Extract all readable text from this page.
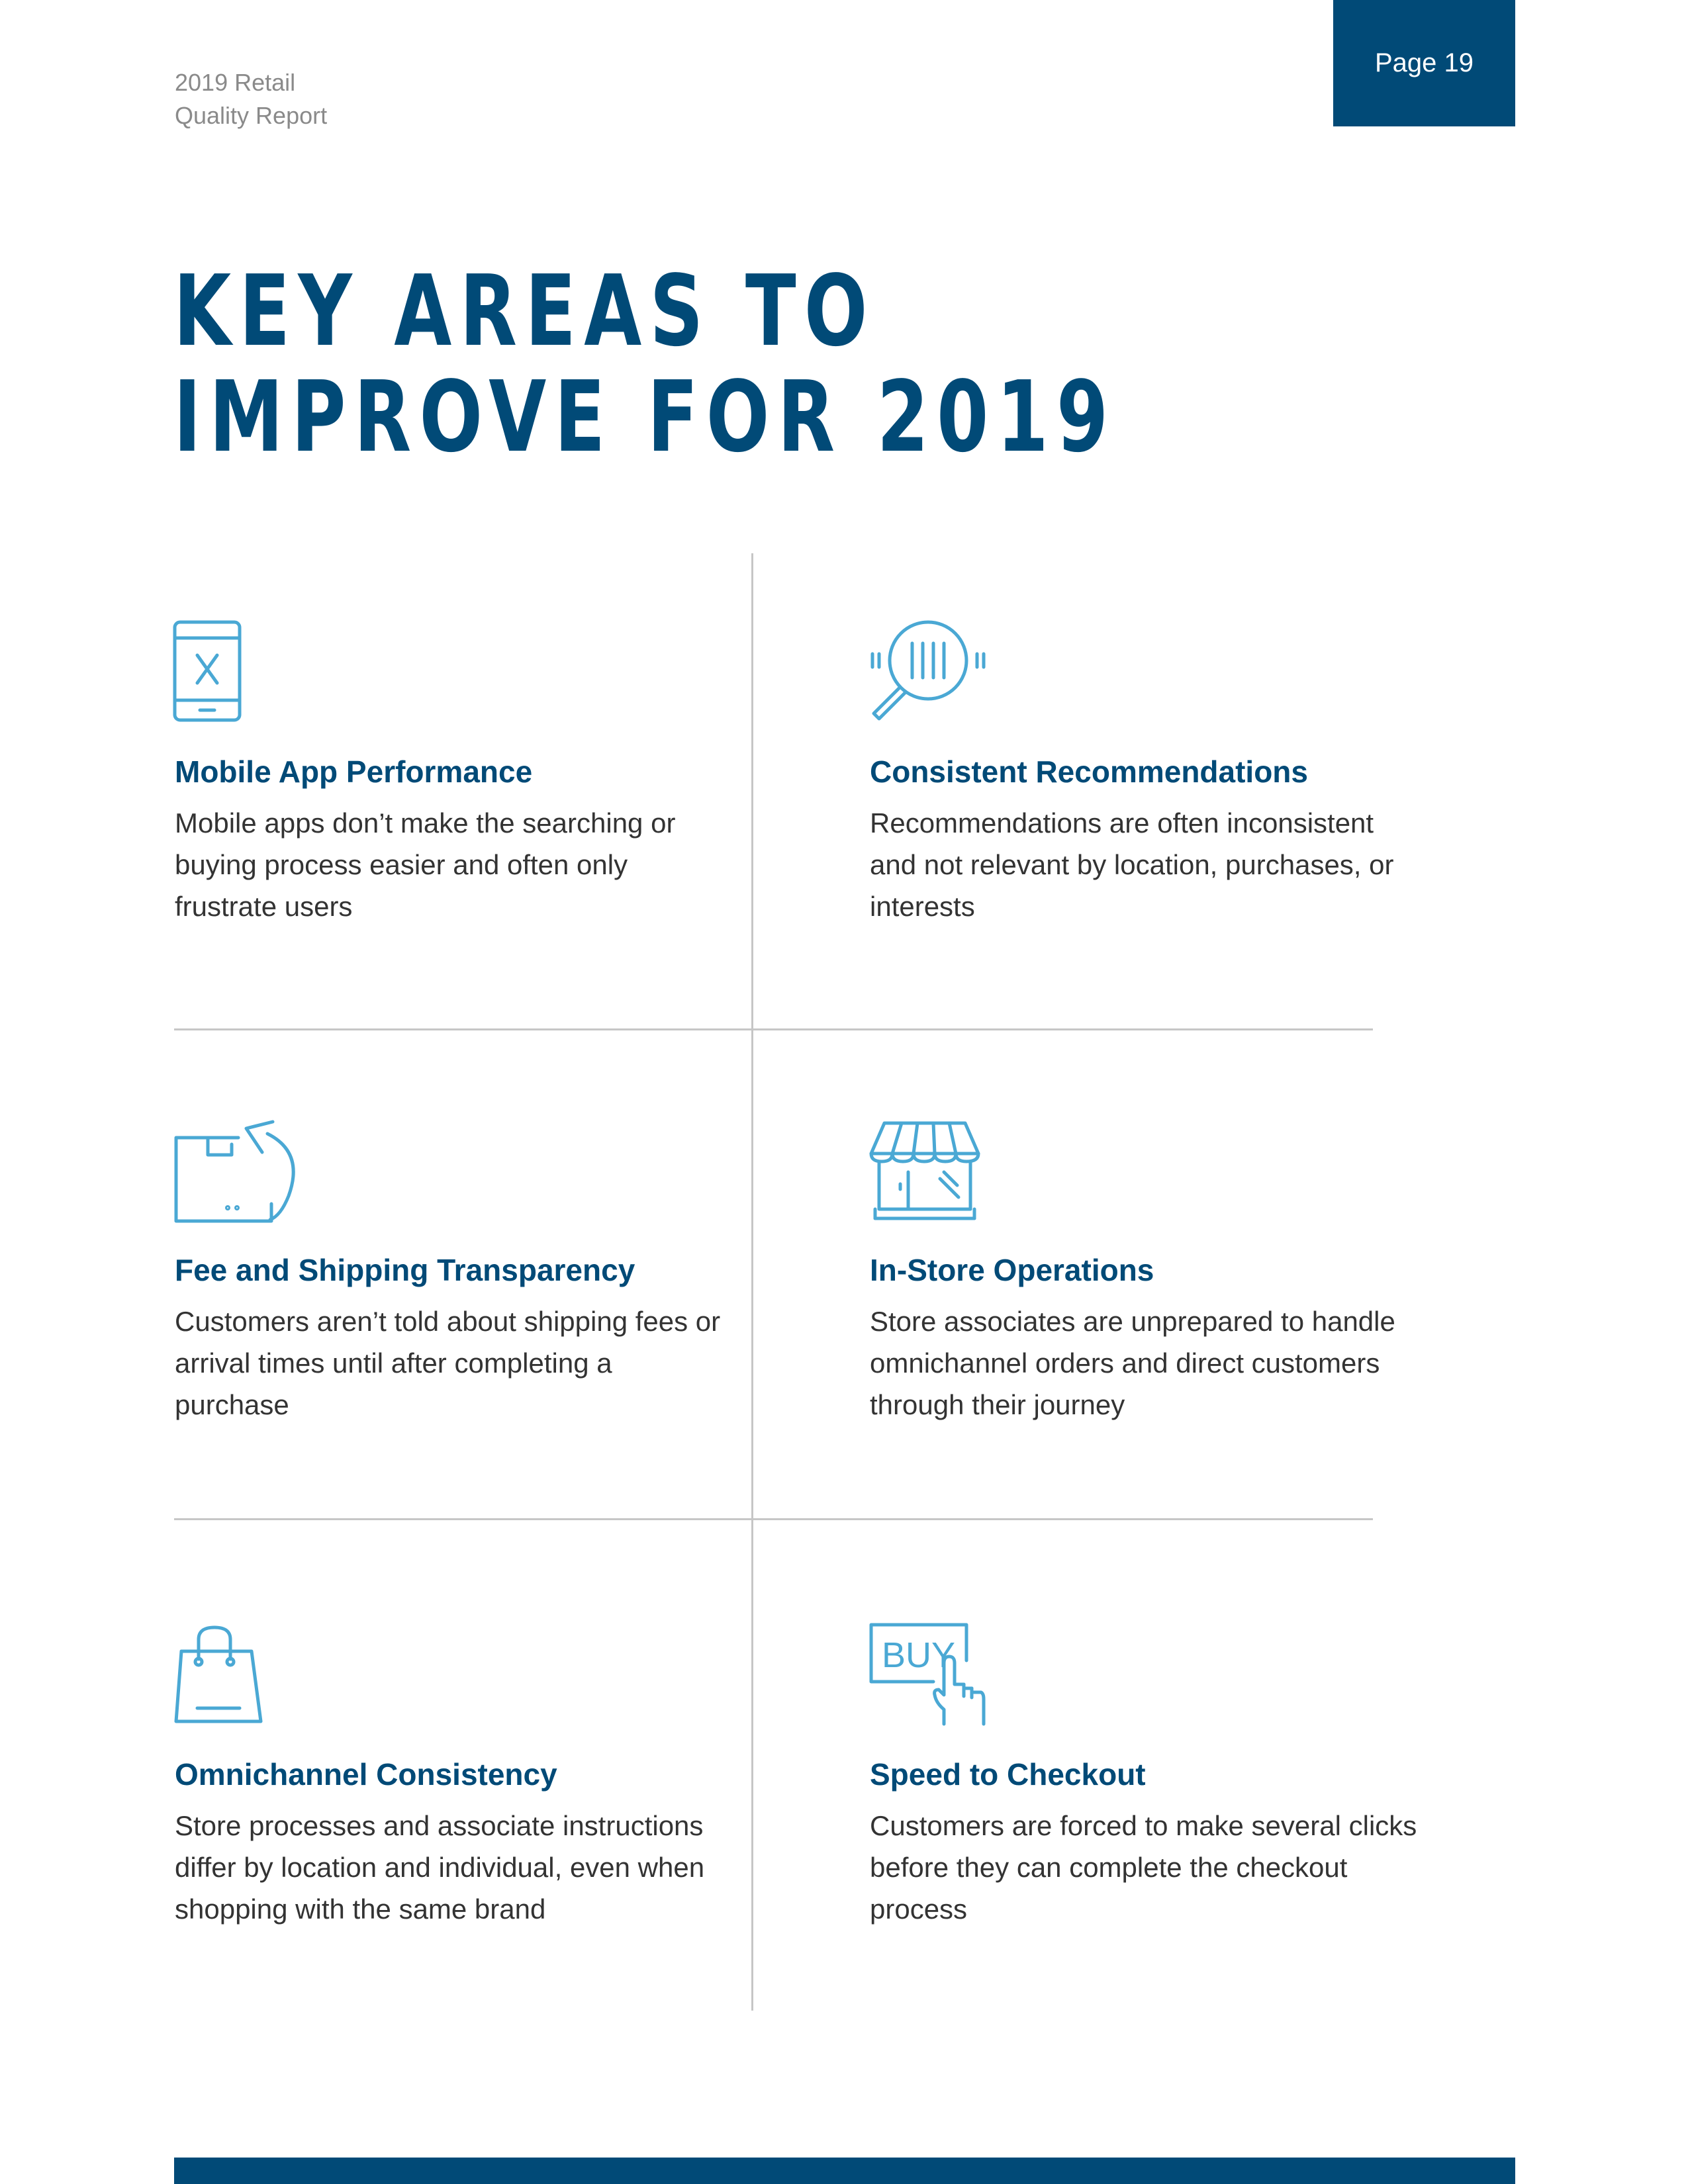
2019 Retail
Quality Report
Page 19
KEY AREAS TO
IMPROVE FOR 2019
Mobile App Performance

Mobile apps don’t make the searching or buying process easier and often only frustrate users

Consistent Recommendations

Recommendations are often inconsistent and not relevant by location, purchases, or interests

Fee and Shipping Transparency

Customers aren’t told about shipping fees or arrival times until after completing a purchase

In-Store Operations

Store associates are unprepared to handle omnichannel orders and direct customers through their journey

Omnichannel Consistency

Store processes and associate instructions differ by location and individual, even when shopping with the same brand

BUY
Speed to Checkout

Customers are forced to make several clicks before they can complete the checkout process
